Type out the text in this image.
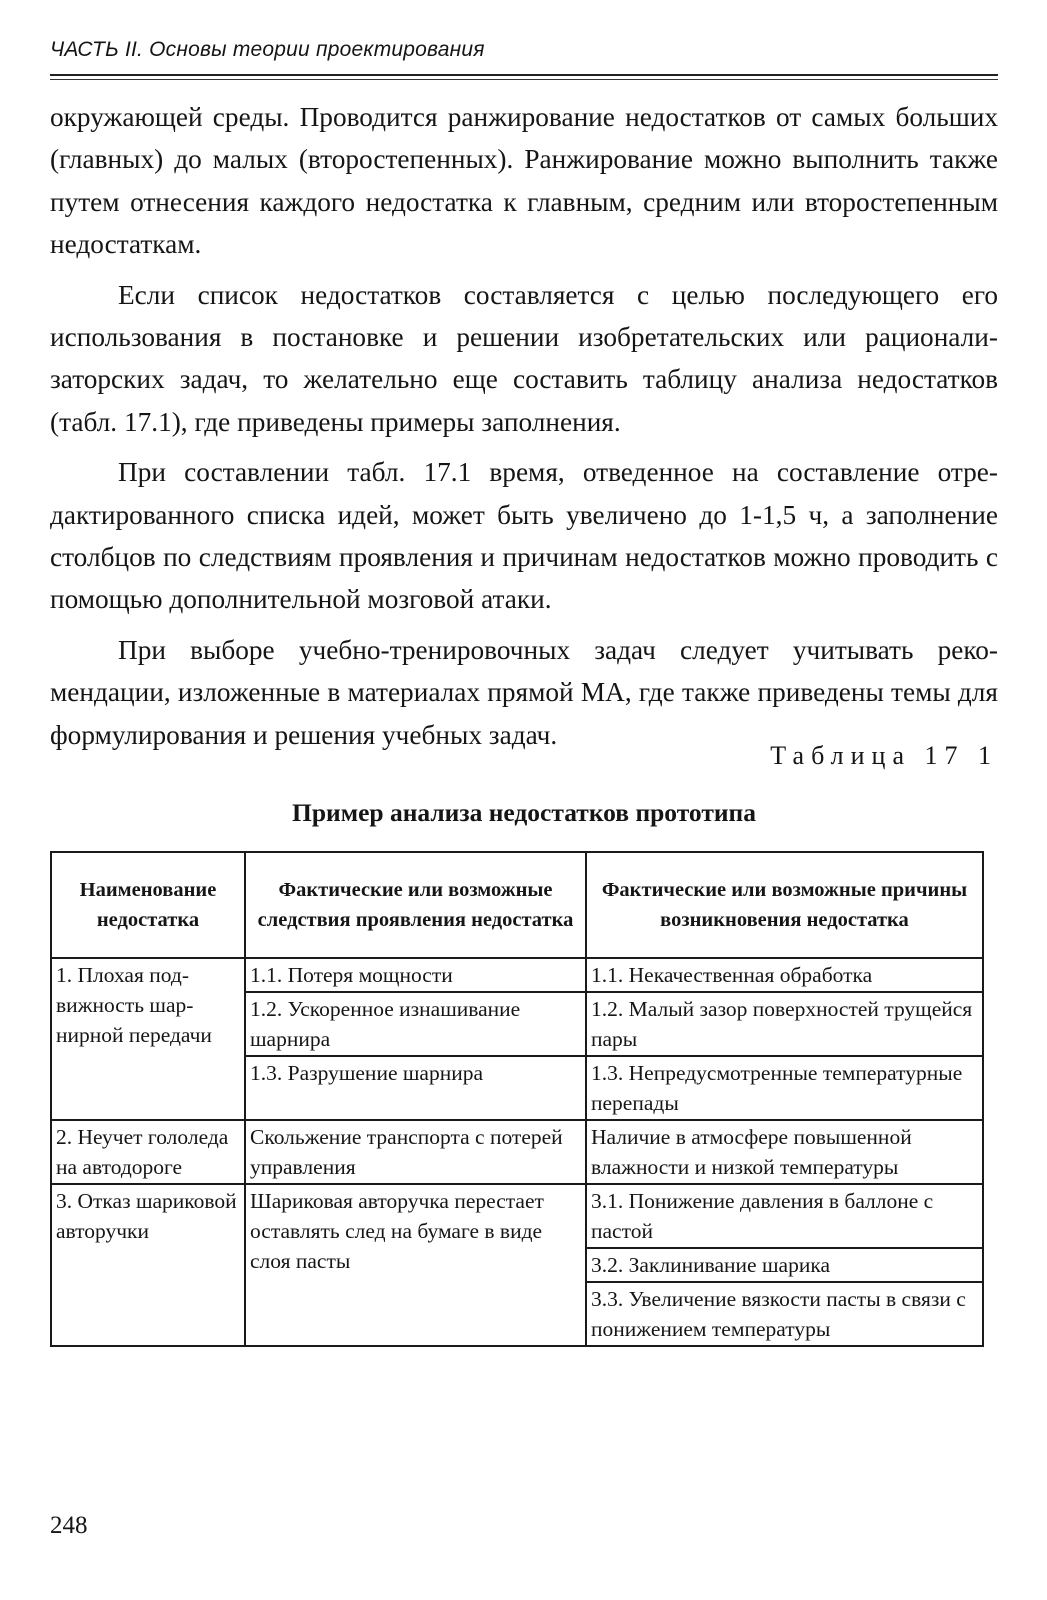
ЧАСТЬ II. Основы теории проектирования

окружающей среды. Проводится ранжирование недостатков от самых больших (главных) до малых (второстепенных). Ранжирование можно выполнить также путем отнесения каждого недостатка к главным, средним или второстепенным недостаткам.

Если список недостатков составляется с целью последующего его использования в постановке и решении изобретательских или рационализаторских задач, то желательно еще составить таблицу анализа недостатков (табл. 17.1), где приведены примеры заполнения.

При составлении табл. 17.1 время, отведенное на составление отредактированного списка идей, может быть увеличено до 1-1,5 ч, а заполнение столбцов по следствиям проявления и причинам недостатков можно проводить с помощью дополнительной мозговой атаки.

При выборе учебно-тренировочных задач следует учитывать рекомендации, изложенные в материалах прямой МА, где также приведены темы для формулирования и решения учебных задач.

Таблица 17 1
Пример анализа недостатков прототипа
Наименование недостатка	Фактические или возможные следствия проявления недостатка	Фактические или возможные причины возникновения недостатка
1. Плохая подвижность шарнирной передачи	1.1. Потеря мощности	1.1. Некачественная обработка
	1.2. Ускоренное изнашивание шарнира	1.2. Малый зазор поверхностей трущейся пары
	1.3. Разрушение шарнира	1.3. Непредусмотренные температурные перепады
2. Неучет гололеда на автодороге	Скольжение транспорта с потерей управления	Наличие в атмосфере повышенной влажности и низкой температуры
3. Отказ шариковой авторучки	Шариковая авторучка перестает оставлять след на бумаге в виде слоя пасты	3.1. Понижение давления в баллоне с пастой
		3.2. Заклинивание шарика
		3.3. Увеличение вязкости пасты в связи с понижением температуры
248
